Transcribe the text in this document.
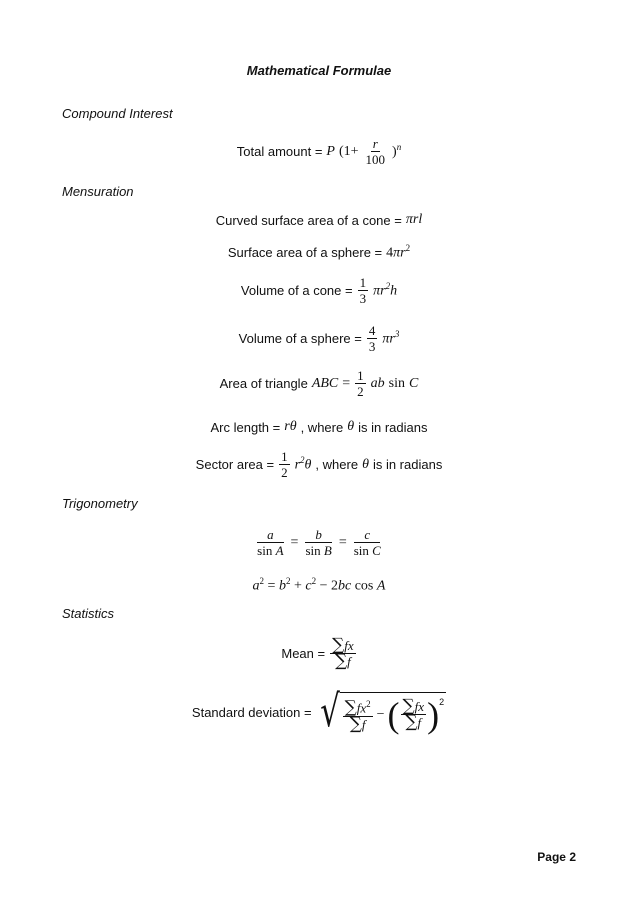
Mathematical Formulae
Compound Interest
Total amount = P $(1+ \frac{r}{100} )^n$
Mensuration
Curved surface area of a cone = πrl
Surface area of a sphere = $4\pi r^2$
Volume of a cone = $\frac{1}{3} \pi r^2h$
Volume of a sphere = $\frac{4}{3} \pi r^3$
Area of triangle ABC = $\frac{1}{2}$ ab sin C
Arc length = rθ , where θ is in radians
Sector area = $\frac{1}{2} r^2\theta$ , where θ is in radians
Trigonometry
$\frac{a}{\text{sin A}} = \frac{b}{\text{sin B}} = \frac{c}{\text{sin C}}$
$a^2 = b^2 + c^2 - 2bc$ cos A
Statistics
Mean = $\frac{\sum fx}{\sum f}$
Standard deviation = √ $\frac{\sum fx^2}{\sum f}$ − ( $\frac{\sum fx}{\sum f} )^2$
Page 2
